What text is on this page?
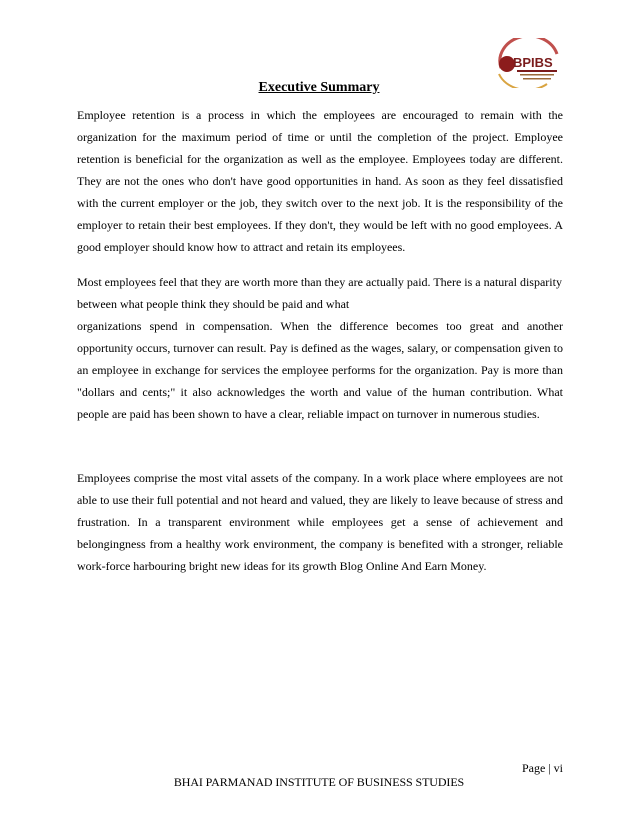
BPIBS
Executive Summary

Employee retention is a process in which the employees are encouraged to remain with the organization for the maximum period of time or until the completion of the project. Employee retention is beneficial for the organization as well as the employee. Employees today are different. They are not the ones who don't have good opportunities in hand. As soon as they feel dissatisfied with the current employer or the job, they switch over to the next job. It is the responsibility of the employer to retain their best employees. If they don't, they would be left with no good employees. A good employer should know how to attract and retain its employees.

Most employees feel that they are worth more than they are actually paid. There is a natural disparity between what people think they should be paid and what
organizations spend in compensation. When the difference becomes too great and another opportunity occurs, turnover can result. Pay is defined as the wages, salary, or compensation given to an employee in exchange for services the employee performs for the organization. Pay is more than "dollars and cents;" it also acknowledges the worth and value of the human contribution. What people are paid has been shown to have a clear, reliable impact on turnover in numerous studies.

Employees comprise the most vital assets of the company. In a work place where employees are not able to use their full potential and not heard and valued, they are likely to leave because of stress and frustration. In a transparent environment while employees get a sense of achievement and belongingness from a healthy work environment, the company is benefited with a stronger, reliable work-force harbouring bright new ideas for its growth Blog Online And Earn Money.

Page | vi
BHAI PARMANAD INSTITUTE OF BUSINESS STUDIES
